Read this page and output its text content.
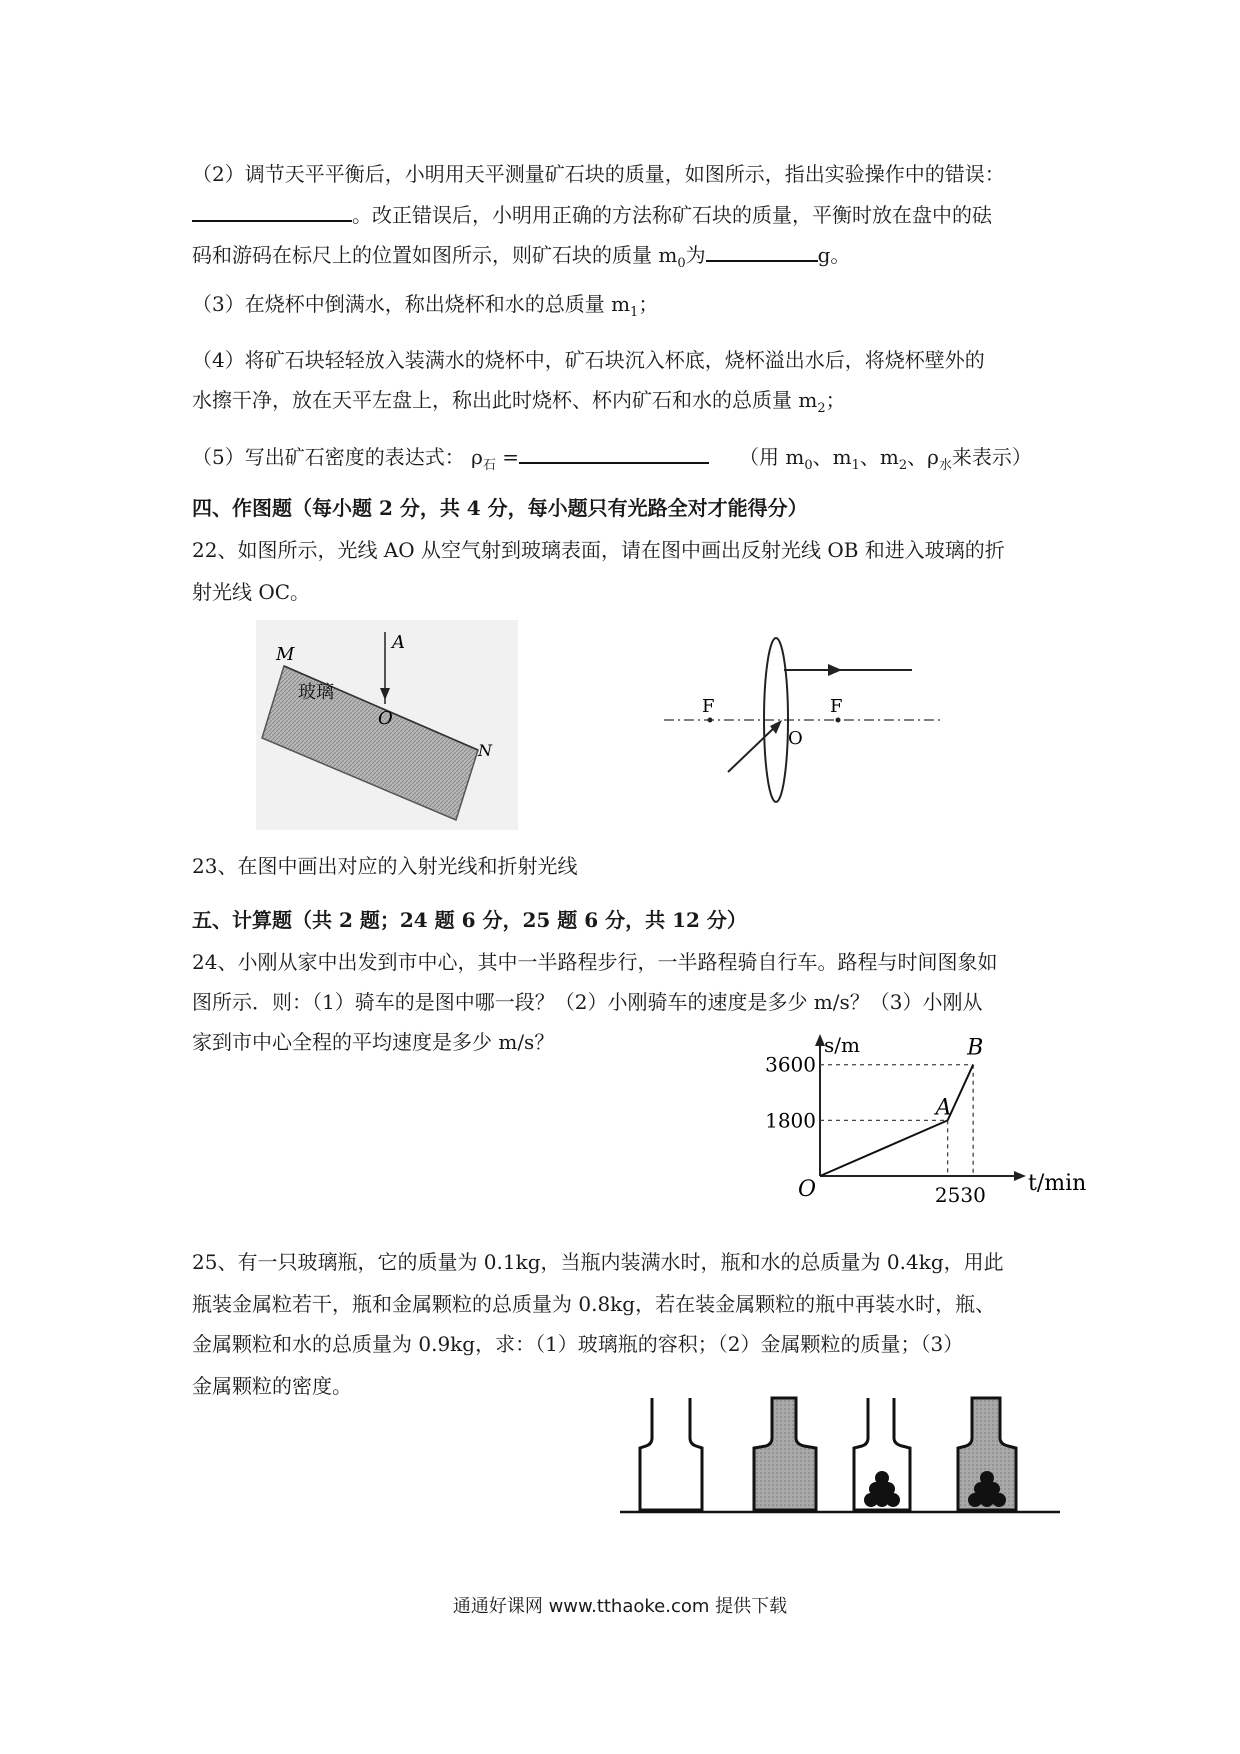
（2）调节天平平衡后，小明用天平测量矿石块的质量，如图所示，指出实验操作中的错误：
。改正错误后，小明用正确的方法称矿石块的质量，平衡时放在盘中的砝
码和游码在标尺上的位置如图所示，则矿石块的质量 $m_0$为	g。
（3）在烧杯中倒满水，称出烧杯和水的总质量 $m_1$；
（4）将矿石块轻轻放入装满水的烧杯中，矿石块沉入杯底，烧杯溢出水后，将烧杯壁外的
水擦干净，放在天平左盘上，称出此时烧杯、杯内矿石和水的总质量 $m_2$；
（5）写出矿石密度的表达式： $\rho_石$ =	（用 $m_0$、$m_1$、$m_2$、$\rho_水$来表示）
四、作图题（每小题 2 分，共 4 分，每小题只有光路全对才能得分）
22、如图所示，光线 AO 从空气射到玻璃表面，请在图中画出反射光线 OB 和进入玻璃的折
射光线 OC。
M
A
O
N
玻璃
F	F
O
23、在图中画出对应的入射光线和折射光线
五、计算题（共 2 题；24 题 6 分，25 题 6 分，共 12 分）
24、小刚从家中出发到市中心，其中一半路程步行，一半路程骑自行车。路程与时间图象如
图所示．则：（1）骑车的是图中哪一段？（2）小刚骑车的速度是多少 m/s？（3）小刚从
家到市中心全程的平均速度是多少 m/s？
t/min
s/m
1800
25
3600
30
O
A
B
25、有一只玻璃瓶，它的质量为 0.1kg，当瓶内装满水时，瓶和水的总质量为 0.4kg，用此
瓶装金属粒若干，瓶和金属颗粒的总质量为 0.8kg，若在装金属颗粒的瓶中再装水时，瓶、
金属颗粒和水的总质量为 0.9kg，求：（1）玻璃瓶的容积；（2）金属颗粒的质量；（3）
金属颗粒的密度。
通通好课网 www.tthaoke.com 提供下载
